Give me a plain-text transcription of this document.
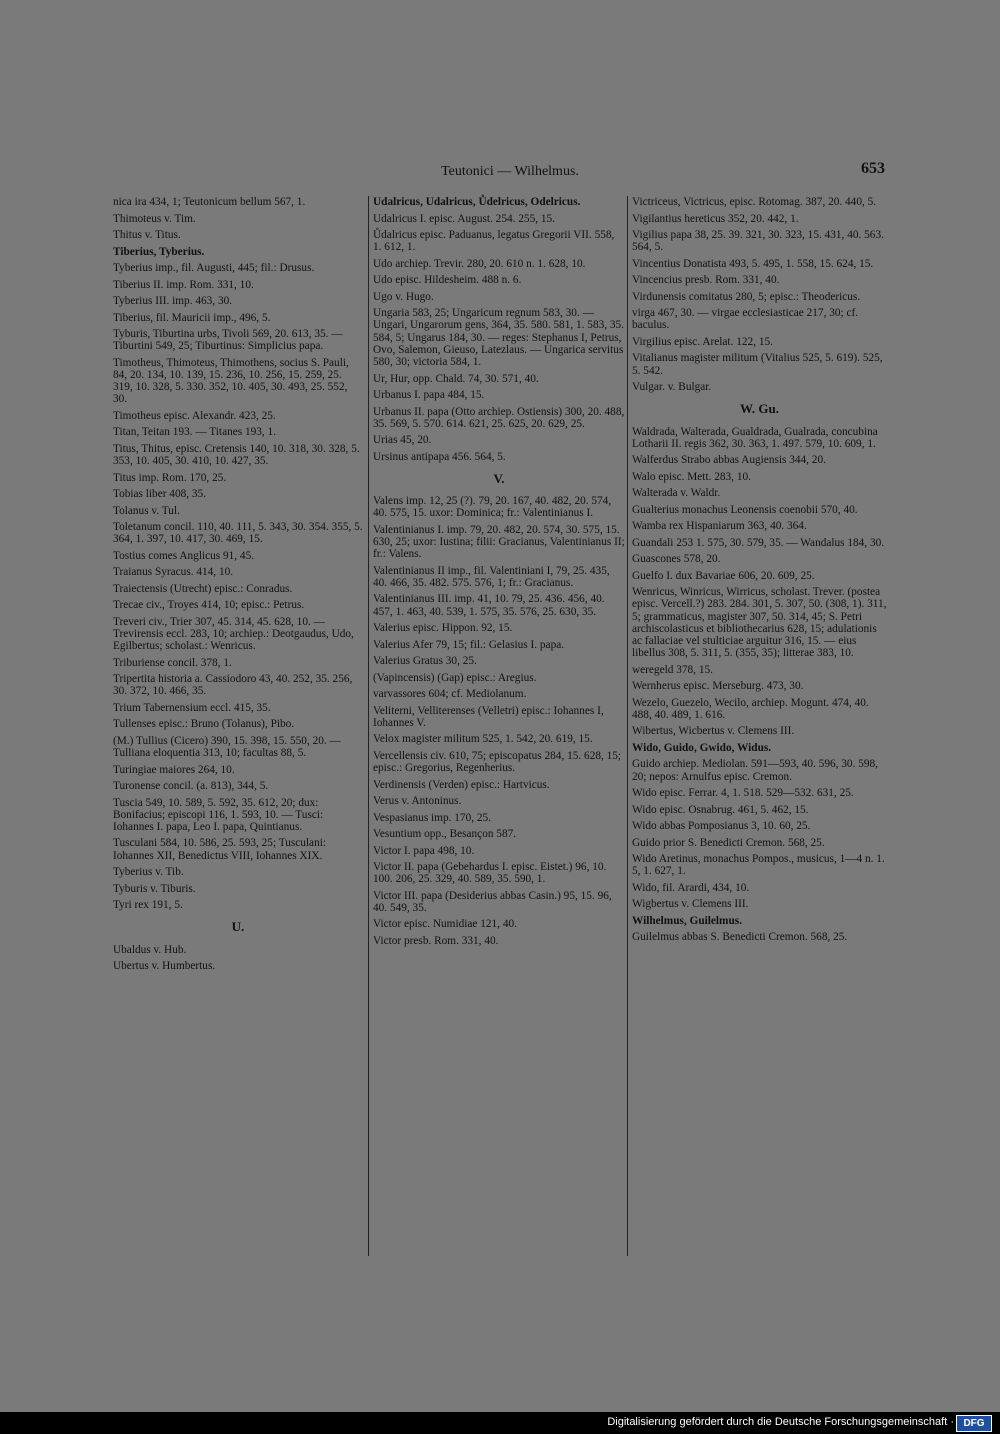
Teutonici — Wilhelmus.	653
nica ira 434, 1; Teutonicum bellum 567, 1.
Thimoteus v. Tim.
Thitus v. Titus.
Tiberius, Tyberius.
Tyberius imp., fil. Augusti, 445; fil.: Drusus.
Tiberius II. imp. Rom. 331, 10.
Tyberius III. imp. 463, 30.
Tiberius, fil. Mauricii imp., 496, 5.
Tyburis, Tiburtina urbs, Tivoli 569, 20. 613, 35. — Tiburtini 549, 25; Tiburtinus: Simplicius papa.
Timotheus, Thimoteus, Thimothens, socius S. Pauli, 84, 20. 134, 10. 139, 15. 236, 10. 256, 15. 259, 25. 319, 10. 328, 5. 330. 352, 10. 405, 30. 493, 25. 552, 30.
Timotheus episc. Alexandr. 423, 25.
Titan, Teitan 193. — Titanes 193, 1.
Titus, Thitus, episc. Cretensis 140, 10. 318, 30. 328, 5. 353, 10. 405, 30. 410, 10. 427, 35.
Titus imp. Rom. 170, 25.
Tobias liber 408, 35.
Tolanus v. Tul.
Toletanum concil. 110, 40. 111, 5. 343, 30. 354. 355, 5. 364, 1. 397, 10. 417, 30. 469, 15.
Tostius comes Anglicus 91, 45.
Traianus Syracus. 414, 10.
Traiectensis (Utrecht) episc.: Conradus.
Trecae civ., Troyes 414, 10; episc.: Petrus.
Treveri civ., Trier 307, 45. 314, 45. 628, 10. — Trevirensis eccl. 283, 10; archiep.: Deotgaudus, Udo, Egilbertus; scholast.: Wenricus.
Triburiense concil. 378, 1.
Tripertita historia a. Cassiodoro 43, 40. 252, 35. 256, 30. 372, 10. 466, 35.
Trium Tabernensium eccl. 415, 35.
Tullenses episc.: Bruno (Tolanus), Pibo.
(M.) Tullius (Cicero) 390, 15. 398, 15. 550, 20. — Tulliana eloquentia 313, 10; facultas 88, 5.
Turingiae maiores 264, 10.
Turonense concil. (a. 813), 344, 5.
Tuscia 549, 10. 589, 5. 592, 35. 612, 20; dux: Bonifacius; episcopi 116, 1. 593, 10. — Tusci: Iohannes I. papa, Leo I. papa, Quintianus.
Tusculani 584, 10. 586, 25. 593, 25; Tusculani: Iohannes XII, Benedictus VIII, Iohannes XIX.
Tyberius v. Tib.
Tyburis v. Tiburis.
Tyri rex 191, 5.
U.
Ubaldus v. Hub.
Ubertus v. Humbertus.
Udalricus, Udalricus, Ůdelricus, Odelricus.
Udalricus I. episc. August. 254. 255, 15.
Ůdalricus episc. Paduanus, legatus Gregorii VII. 558, 1. 612, 1.
Udo archiep. Trevir. 280, 20. 610 n. 1. 628, 10.
Udo episc. Hildesheim. 488 n. 6.
Ugo v. Hugo.
Ungaria 583, 25; Ungaricum regnum 583, 30. — Ungari, Ungarorum gens, 364, 35. 580. 581, 1. 583, 35. 584, 5; Ungarus 184, 30. — reges: Stephanus I, Petrus, Ovo, Salemon, Gieuso, Latezlaus. — Ungarica servitus 580, 30; victoria 584, 1.
Ur, Hur, opp. Chald. 74, 30. 571, 40.
Urbanus I. papa 484, 15.
Urbanus II. papa (Otto archiep. Ostiensis) 300, 20. 488, 35. 569, 5. 570. 614. 621, 25. 625, 20. 629, 25.
Urias 45, 20.
Ursinus antipapa 456. 564, 5.
V.
Valens imp. 12, 25 (?). 79, 20. 167, 40. 482, 20. 574, 40. 575, 15. uxor: Dominica; fr.: Valentinianus I.
Valentinianus I. imp. 79, 20. 482, 20. 574, 30. 575, 15. 630, 25; uxor: Iustina; filii: Gracianus, Valentinianus II; fr.: Valens.
Valentinianus II imp., fil. Valentiniani I, 79, 25. 435, 40. 466, 35. 482. 575. 576, 1; fr.: Gracianus.
Valentinianus III. imp. 41, 10. 79, 25. 436. 456, 40. 457, 1. 463, 40. 539, 1. 575, 35. 576, 25. 630, 35.
Valerius episc. Hippon. 92, 15.
Valerius Afer 79, 15; fil.: Gelasius I. papa.
Valerius Gratus 30, 25.
(Vapincensis) (Gap) episc.: Aregius.
varvassores 604; cf. Mediolanum.
Veliterni, Velliterenses (Velletri) episc.: Iohannes I, Iohannes V.
Velox magister militum 525, 1. 542, 20. 619, 15.
Vercellensis civ. 610, 75; episcopatus 284, 15. 628, 15; episc.: Gregorius, Regenherius.
Verdinensis (Verden) episc.: Hartvicus.
Verus v. Antoninus.
Vespasianus imp. 170, 25.
Vesuntium opp., Besançon 587.
Victor I. papa 498, 10.
Victor II. papa (Gebehardus I. episc. Eistet.) 96, 10. 100. 206, 25. 329, 40. 589, 35. 590, 1.
Victor III. papa (Desiderius abbas Casin.) 95, 15. 96, 40. 549, 35.
Victor episc. Numidiae 121, 40.
Victor presb. Rom. 331, 40.
Victriceus, Victricus, episc. Rotomag. 387, 20. 440, 5.
Vigilantius hereticus 352, 20. 442, 1.
Vigilius papa 38, 25. 39. 321, 30. 323, 15. 431, 40. 563. 564, 5.
Vincentius Donatista 493, 5. 495, 1. 558, 15. 624, 15.
Vincencius presb. Rom. 331, 40.
Virdunensis comitatus 280, 5; episc.: Theodericus.
virga 467, 30. — virgae ecclesiasticae 217, 30; cf. baculus.
Virgilius episc. Arelat. 122, 15.
Vitalianus magister militum (Vitalius 525, 5. 619). 525, 5. 542.
Vulgar. v. Bulgar.
W. Gu.
Waldrada, Walterada, Gualdrada, Gualrada, concubina Lotharii II. regis 362, 30. 363, 1. 497. 579, 10. 609, 1.
Walferdus Strabo abbas Augiensis 344, 20.
Walo episc. Mett. 283, 10.
Walterada v. Waldr.
Gualterius monachus Leonensis coenobii 570, 40.
Wamba rex Hispaniarum 363, 40. 364.
Guandali 253 1. 575, 30. 579, 35. — Wandalus 184, 30.
Guascones 578, 20.
Guelfo I. dux Bavariae 606, 20. 609, 25.
Wenricus, Winricus, Wirricus, scholast. Trever. (postea episc. Vercell.?) 283. 284. 301, 5. 307, 50. (308, 1). 311, 5; grammaticus, magister 307, 50. 314, 45; S. Petri archiscolasticus et bibliothecarius 628, 15; adulationis ac fallaciae vel stulticiae arguitur 316, 15. — eius libellus 308, 5. 311, 5. (355, 35); litterae 383, 10.
weregeld 378, 15.
Wernherus episc. Merseburg. 473, 30.
Wezelo, Guezelo, Wecilo, archiep. Mogunt. 474, 40. 488, 40. 489, 1. 616.
Wibertus, Wicbertus v. Clemens III.
Wido, Guido, Gwido, Widus.
Guido archiep. Mediolan. 591—593, 40. 596, 30. 598, 20; nepos: Arnulfus episc. Cremon.
Wido episc. Ferrar. 4, 1. 518. 529—532. 631, 25.
Wido episc. Osnabrug. 461, 5. 462, 15.
Wido abbas Pomposianus 3, 10. 60, 25.
Guido prior S. Benedicti Cremon. 568, 25.
Wido Aretinus, monachus Pompos., musicus, 1—4 n. 1. 5, 1. 627, 1.
Wido, fil. Arardi, 434, 10.
Wigbertus v. Clemens III.
Wilhelmus, Guilelmus.
Guilelmus abbas S. Benedicti Cremon. 568, 25.
Digitalisierung gefördert durch die Deutsche Forschungsgemeinschaft · DFG
